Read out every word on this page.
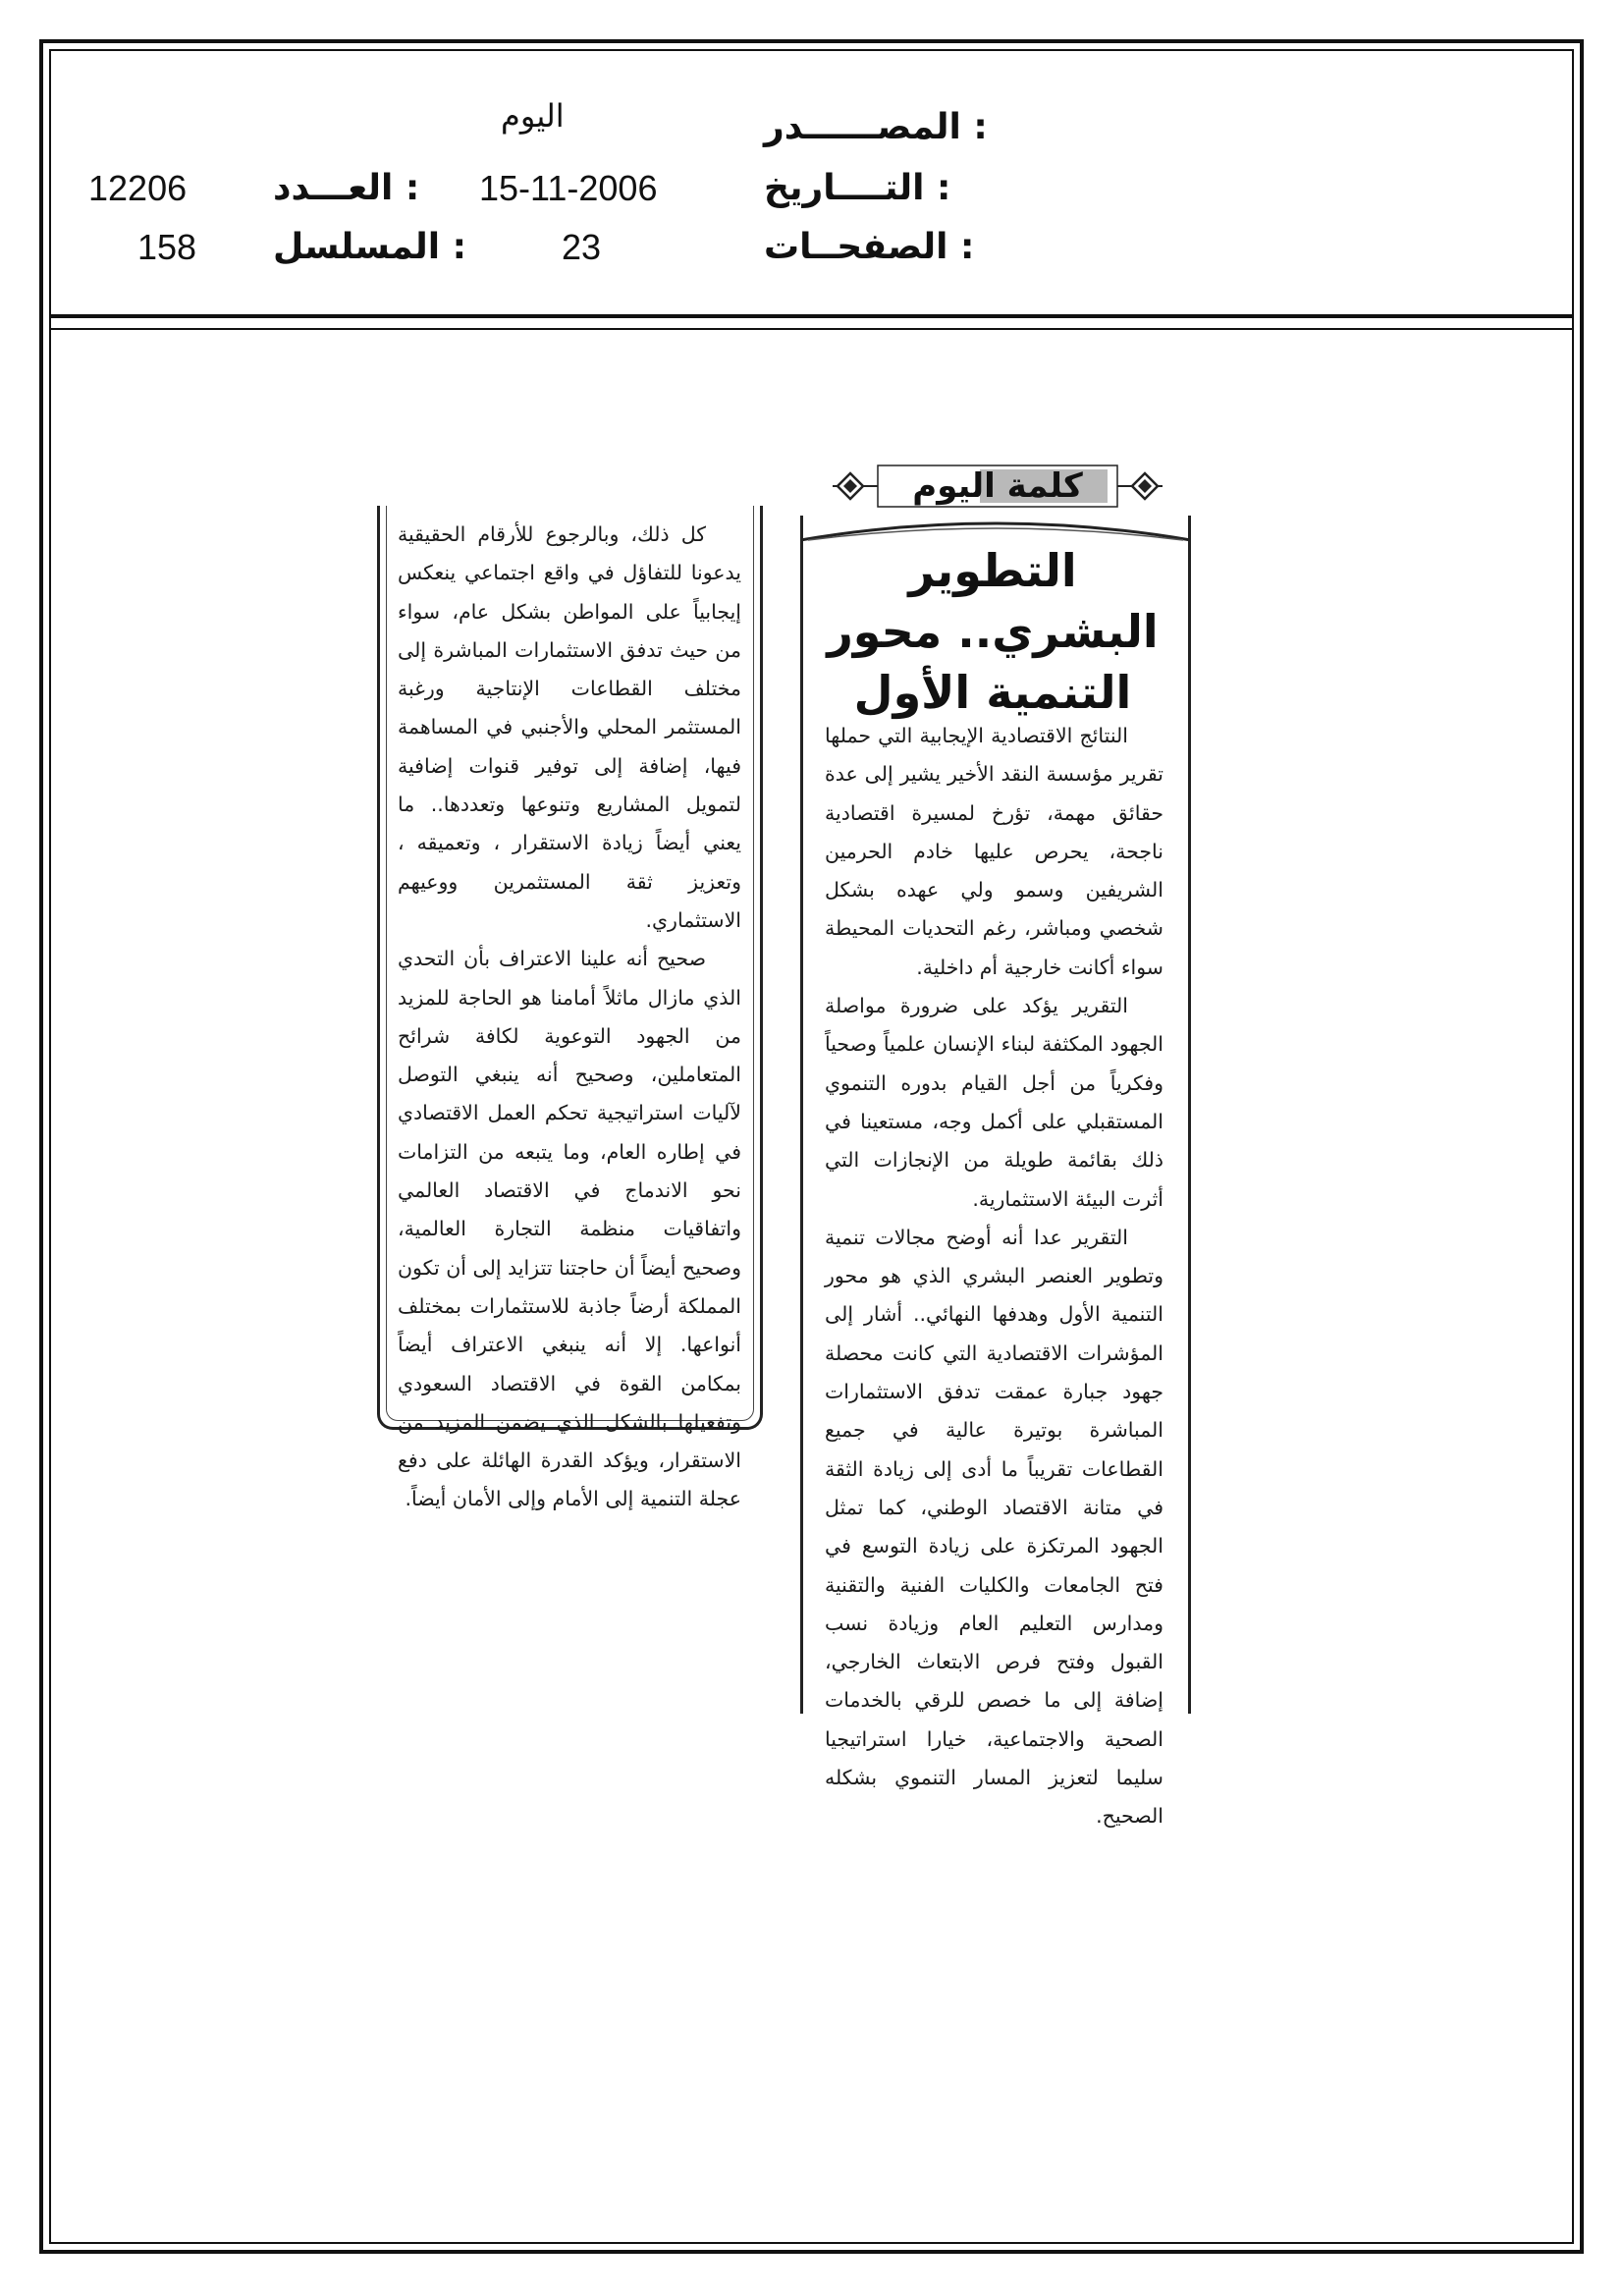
المصــــــدر :
اليوم
التــــاريخ :
15-11-2006
العـــدد :
12206
الصفحــات :
23
المسلسل :
158
كلمة اليوم

النتائج الاقتصادية الإيجابية التي حملها تقرير مؤسسة النقد الأخير يشير إلى عدة حقائق مهمة، تؤرخ لمسيرة اقتصادية ناجحة، يحرص عليها خادم الحرمين الشريفين وسمو ولي عهده بشكل شخصي ومباشر، رغم التحديات المحيطة سواء أكانت خارجية أم داخلية.

التقرير يؤكد على ضرورة مواصلة الجهود المكثفة لبناء الإنسان علمياً وصحياً وفكرياً من أجل القيام بدوره التنموي المستقبلي على أكمل وجه، مستعينا في ذلك بقائمة طويلة من الإنجازات التي أثرت البيئة الاستثمارية.

التقرير عدا أنه أوضح مجالات تنمية وتطوير العنصر البشري الذي هو محور التنمية الأول وهدفها النهائي.. أشار إلى المؤشرات الاقتصادية التي كانت محصلة جهود جبارة عمقت تدفق الاستثمارات المباشرة بوتيرة عالية في جميع القطاعات تقريباً ما أدى إلى زيادة الثقة في متانة الاقتصاد الوطني، كما تمثل الجهود المرتكزة على زيادة التوسع في فتح الجامعات والكليات الفنية والتقنية ومدارس التعليم العام وزيادة نسب القبول وفتح فرص الابتعاث الخارجي، إضافة إلى ما خصص للرقي بالخدمات الصحية والاجتماعية، خيارا استراتيجيا سليما لتعزيز المسار التنموي بشكله الصحيح.

التطوير البشري.. محور التنمية الأول

كل ذلك، وبالرجوع للأرقام الحقيقية يدعونا للتفاؤل في واقع اجتماعي ينعكس إيجابياً على المواطن بشكل عام، سواء من حيث تدفق الاستثمارات المباشرة إلى مختلف القطاعات الإنتاجية ورغبة المستثمر المحلي والأجنبي في المساهمة فيها، إضافة إلى توفير قنوات إضافية لتمويل المشاريع وتنوعها وتعددها.. ما يعني أيضاً زيادة الاستقرار ، وتعميقه ، وتعزيز ثقة المستثمرين ووعيهم الاستثماري.

صحيح أنه علينا الاعتراف بأن التحدي الذي مازال ماثلاً أمامنا هو الحاجة للمزيد من الجهود التوعوية لكافة شرائح المتعاملين، وصحيح أنه ينبغي التوصل لآليات استراتيجية تحكم العمل الاقتصادي في إطاره العام، وما يتبعه من التزامات نحو الاندماج في الاقتصاد العالمي واتفاقيات منظمة التجارة العالمية، وصحيح أيضاً أن حاجتنا تتزايد إلى أن تكون المملكة أرضاً جاذبة للاستثمارات بمختلف أنواعها. إلا أنه ينبغي الاعتراف أيضاً بمكامن القوة في الاقتصاد السعودي وتفعيلها بالشكل الذي يضمن المزيد من الاستقرار، ويؤكد القدرة الهائلة على دفع عجلة التنمية إلى الأمام وإلى الأمان أيضاً.
